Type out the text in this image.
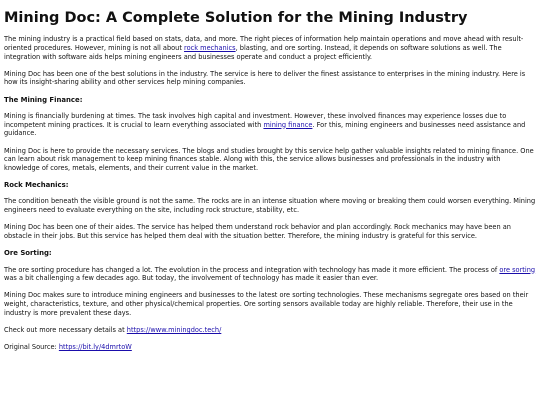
Mining Doc: A Complete Solution for the Mining Industry

The mining industry is a practical field based on stats, data, and more. The right pieces of information help maintain operations and move ahead with result-oriented procedures. However, mining is not all about rock mechanics, blasting, and ore sorting. Instead, it depends on software solutions as well. The integration with software aids helps mining engineers and businesses operate and conduct a project efficiently.

Mining Doc has been one of the best solutions in the industry. The service is here to deliver the finest assistance to enterprises in the mining industry. Here is how its insight-sharing ability and other services help mining companies.

The Mining Finance:

Mining is financially burdening at times. The task involves high capital and investment. However, these involved finances may experience losses due to incompetent mining practices. It is crucial to learn everything associated with mining finance. For this, mining engineers and businesses need assistance and guidance.

Mining Doc is here to provide the necessary services. The blogs and studies brought by this service help gather valuable insights related to mining finance. One can learn about risk management to keep mining finances stable. Along with this, the service allows businesses and professionals in the industry with knowledge of cores, metals, elements, and their current value in the market.

Rock Mechanics:

The condition beneath the visible ground is not the same. The rocks are in an intense situation where moving or breaking them could worsen everything. Mining engineers need to evaluate everything on the site, including rock structure, stability, etc.

Mining Doc has been one of their aides. The service has helped them understand rock behavior and plan accordingly. Rock mechanics may have been an obstacle in their jobs. But this service has helped them deal with the situation better. Therefore, the mining industry is grateful for this service.

Ore Sorting:

The ore sorting procedure has changed a lot. The evolution in the process and integration with technology has made it more efficient. The process of ore sorting was a bit challenging a few decades ago. But today, the involvement of technology has made it easier than ever.

Mining Doc makes sure to introduce mining engineers and businesses to the latest ore sorting technologies. These mechanisms segregate ores based on their weight, characteristics, texture, and other physical/chemical properties. Ore sorting sensors available today are highly reliable. Therefore, their use in the industry is more prevalent these days.

Check out more necessary details at https://www.miningdoc.tech/

Original Source: https://bit.ly/4dmrtoW
